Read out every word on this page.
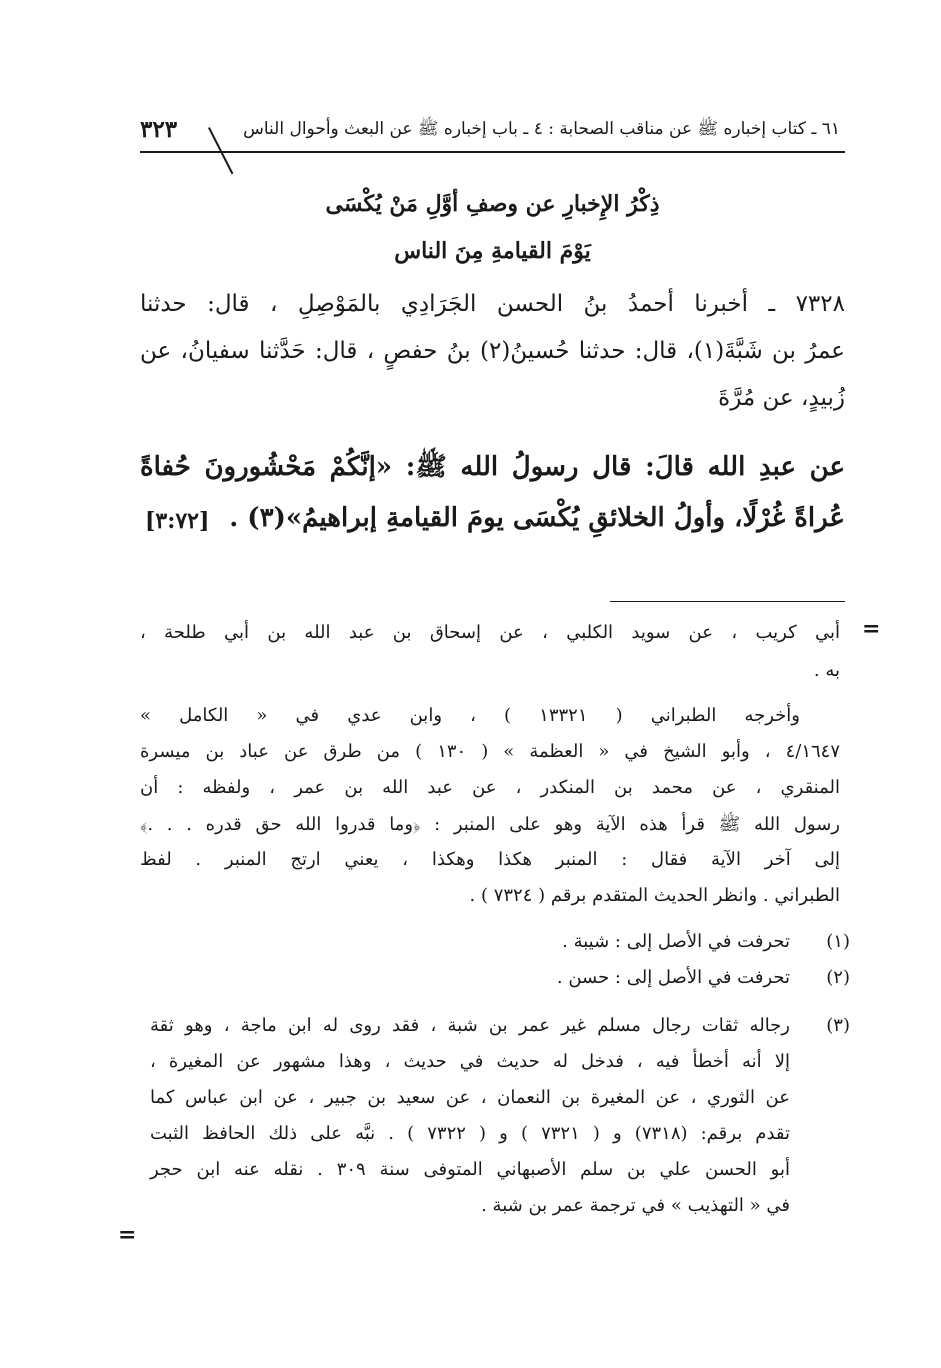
٦١ ـ كتاب إخباره ﷺ عن مناقب الصحابة : ٤ ـ باب إخباره ﷺ عن البعث وأحوال الناس
٣٢٣
ذِكْرُ الإِخبارِ عن وصفِ أوَّلِ مَنْ يُكْسَى
يَوْمَ القيامةِ مِنَ الناس
٧٣٢٨ ـ أخبرنا أحمدُ بنُ الحسن الجَرَادِي بالمَوْصِلِ ، قال: حدثنا
عمرُ بن شَبَّةَ(١)، قال: حدثنا حُسينُ(٢) بنُ حفصٍ ، قال: حَدَّثنا سفيانُ، عن
زُبيدٍ، عن مُرَّةَ
عن عبدِ الله قالَ: قال رسولُ الله ﷺ: «إنَّكُمْ مَحْشُورونَ حُفاةً
عُراةً غُرْلًا، وأولُ الخلائقِ يُكْسَى يومَ القيامةِ إبراهيمُ»(٣) .
[٣:٧٢]
=
=
أبي كريب ، عن سويد الكلبي ، عن إسحاق بن عبد الله بن أبي طلحة ،
به .
وأخرجه الطبراني ( ١٣٣٢١ ) ، وابن عدي في « الكامل »
٤/١٦٤٧ ، وأبو الشيخ في « العظمة » ( ١٣٠ ) من طرق عن عباد بن ميسرة
المنقري ، عن محمد بن المنكدر ، عن عبد الله بن عمر ، ولفظه : أن
رسول الله ﷺ قرأ هذه الآية وهو على المنبر : ﴿وما قدروا الله حق قدره . . .﴾
إلى آخر الآية فقال : المنبر هكذا وهكذا ، يعني ارتج المنبر . لفظ
الطبراني . وانظر الحديث المتقدم برقم ( ٧٣٢٤ ) .
(١)
تحرفت في الأصل إلى : شيبة .
(٢)
تحرفت في الأصل إلى : حسن .
(٣)
رجاله ثقات رجال مسلم غير عمر بن شبة ، فقد روى له ابن ماجة ، وهو ثقة
إلا أنه أخطأ فيه ، فدخل له حديث في حديث ، وهذا مشهور عن المغيرة ،
عن الثوري ، عن المغيرة بن النعمان ، عن سعيد بن جبير ، عن ابن عباس كما
تقدم برقم: (٧٣١٨) و ( ٧٣٢١ ) و ( ٧٣٢٢ ) . نبَّه على ذلك الحافظ الثبت
أبو الحسن علي بن سلم الأصبهاني المتوفى سنة ٣٠٩ . نقله عنه ابن حجر
في « التهذيب » في ترجمة عمر بن شبة .
